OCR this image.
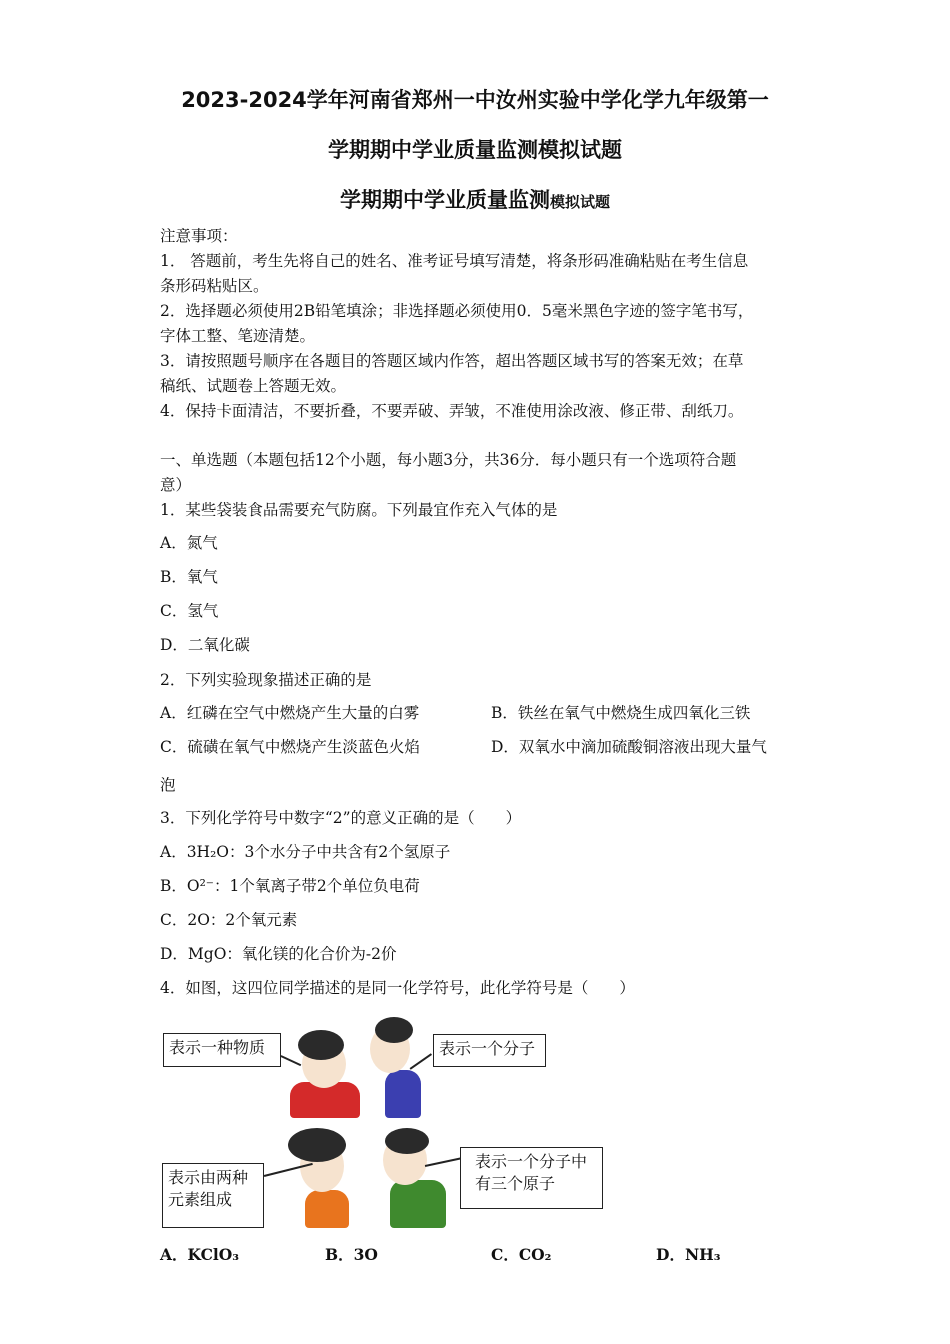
2023-2024学年河南省郑州一中汝州实验中学化学九年级第一
学期期中学业质量监测模拟试题
学期期中学业质量监测模拟试题
注意事项：
1． 答题前，考生先将自己的姓名、准考证号填写清楚，将条形码准确粘贴在考生信息
条形码粘贴区。
2．选择题必须使用2B铅笔填涂；非选择题必须使用0．5毫米黑色字迹的签字笔书写，
字体工整、笔迹清楚。
3．请按照题号顺序在各题目的答题区域内作答，超出答题区域书写的答案无效；在草
稿纸、试题卷上答题无效。
4．保持卡面清洁，不要折叠，不要弄破、弄皱，不准使用涂改液、修正带、刮纸刀。
一、单选题（本题包括12个小题，每小题3分，共36分．每小题只有一个选项符合题
意）
1．某些袋装食品需要充气防腐。下列最宜作充入气体的是
A．氮气
B．氧气
C．氢气
D．二氧化碳
2．下列实验现象描述正确的是
A．红磷在空气中燃烧产生大量的白雾	B．铁丝在氧气中燃烧生成四氧化三铁
C．硫磺在氧气中燃烧产生淡蓝色火焰	D．双氧水中滴加硫酸铜溶液出现大量气
泡
3．下列化学符号中数字“2”的意义正确的是（　　）
A．3H₂O：3个水分子中共含有2个氢原子
B．O²⁻：1个氧离子带2个单位负电荷
C．2O：2个氧元素
D．MgO：氧化镁的化合价为-2价
4．如图，这四位同学描述的是同一化学符号，此化学符号是（　　）
表示一种物质	表示一个分子
表示由两种
元素组成
表示一个分子中
有三个原子
A．KClO₃	B．3O	C．CO₂	D．NH₃
